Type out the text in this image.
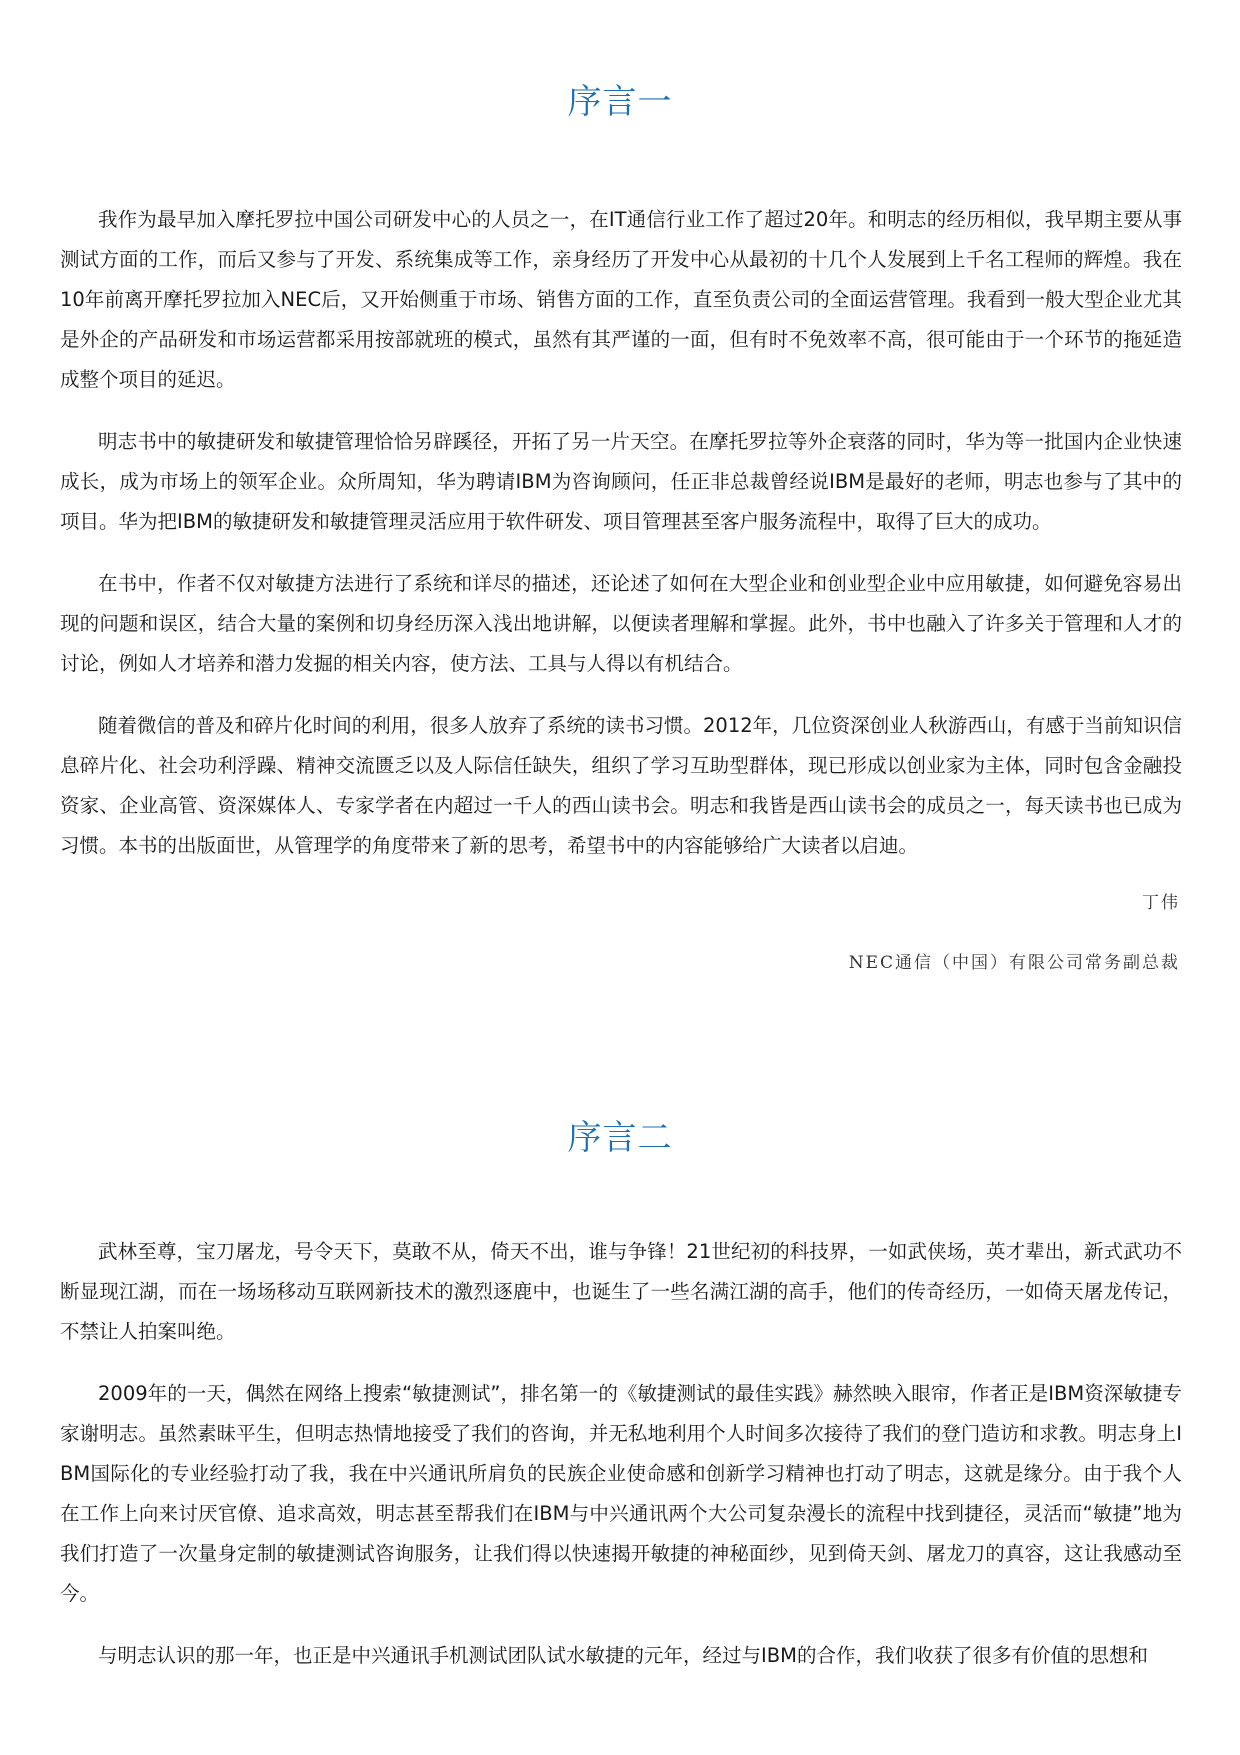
序言一

我作为最早加入摩托罗拉中国公司研发中心的人员之一，在IT通信行业工作了超过20年。和明志的经历相似，我早期主要从事测试方面的工作，而后又参与了开发、系统集成等工作，亲身经历了开发中心从最初的十几个人发展到上千名工程师的辉煌。我在10年前离开摩托罗拉加入NEC后，又开始侧重于市场、销售方面的工作，直至负责公司的全面运营管理。我看到一般大型企业尤其是外企的产品研发和市场运营都采用按部就班的模式，虽然有其严谨的一面，但有时不免效率不高，很可能由于一个环节的拖延造成整个项目的延迟。

明志书中的敏捷研发和敏捷管理恰恰另辟蹊径，开拓了另一片天空。在摩托罗拉等外企衰落的同时，华为等一批国内企业快速成长，成为市场上的领军企业。众所周知，华为聘请IBM为咨询顾问，任正非总裁曾经说IBM是最好的老师，明志也参与了其中的项目。华为把IBM的敏捷研发和敏捷管理灵活应用于软件研发、项目管理甚至客户服务流程中，取得了巨大的成功。

在书中，作者不仅对敏捷方法进行了系统和详尽的描述，还论述了如何在大型企业和创业型企业中应用敏捷，如何避免容易出现的问题和误区，结合大量的案例和切身经历深入浅出地讲解，以便读者理解和掌握。此外，书中也融入了许多关于管理和人才的讨论，例如人才培养和潜力发掘的相关内容，使方法、工具与人得以有机结合。

随着微信的普及和碎片化时间的利用，很多人放弃了系统的读书习惯。2012年，几位资深创业人秋游西山，有感于当前知识信息碎片化、社会功利浮躁、精神交流匮乏以及人际信任缺失，组织了学习互助型群体，现已形成以创业家为主体，同时包含金融投资家、企业高管、资深媒体人、专家学者在内超过一千人的西山读书会。明志和我皆是西山读书会的成员之一，每天读书也已成为习惯。本书的出版面世，从管理学的角度带来了新的思考，希望书中的内容能够给广大读者以启迪。

丁伟

NEC通信（中国）有限公司常务副总裁

序言二

武林至尊，宝刀屠龙，号令天下，莫敢不从，倚天不出，谁与争锋！21世纪初的科技界，一如武侠场，英才辈出，新式武功不断显现江湖，而在一场场移动互联网新技术的激烈逐鹿中，也诞生了一些名满江湖的高手，他们的传奇经历，一如倚天屠龙传记，不禁让人拍案叫绝。

2009年的一天，偶然在网络上搜索“敏捷测试”，排名第一的《敏捷测试的最佳实践》赫然映入眼帘，作者正是IBM资深敏捷专家谢明志。虽然素昧平生，但明志热情地接受了我们的咨询，并无私地利用个人时间多次接待了我们的登门造访和求教。明志身上IBM国际化的专业经验打动了我，我在中兴通讯所肩负的民族企业使命感和创新学习精神也打动了明志，这就是缘分。由于我个人在工作上向来讨厌官僚、追求高效，明志甚至帮我们在IBM与中兴通讯两个大公司复杂漫长的流程中找到捷径，灵活而“敏捷”地为我们打造了一次量身定制的敏捷测试咨询服务，让我们得以快速揭开敏捷的神秘面纱，见到倚天剑、屠龙刀的真容，这让我感动至今。

与明志认识的那一年，也正是中兴通讯手机测试团队试水敏捷的元年，经过与IBM的合作，我们收获了很多有价值的思想和
